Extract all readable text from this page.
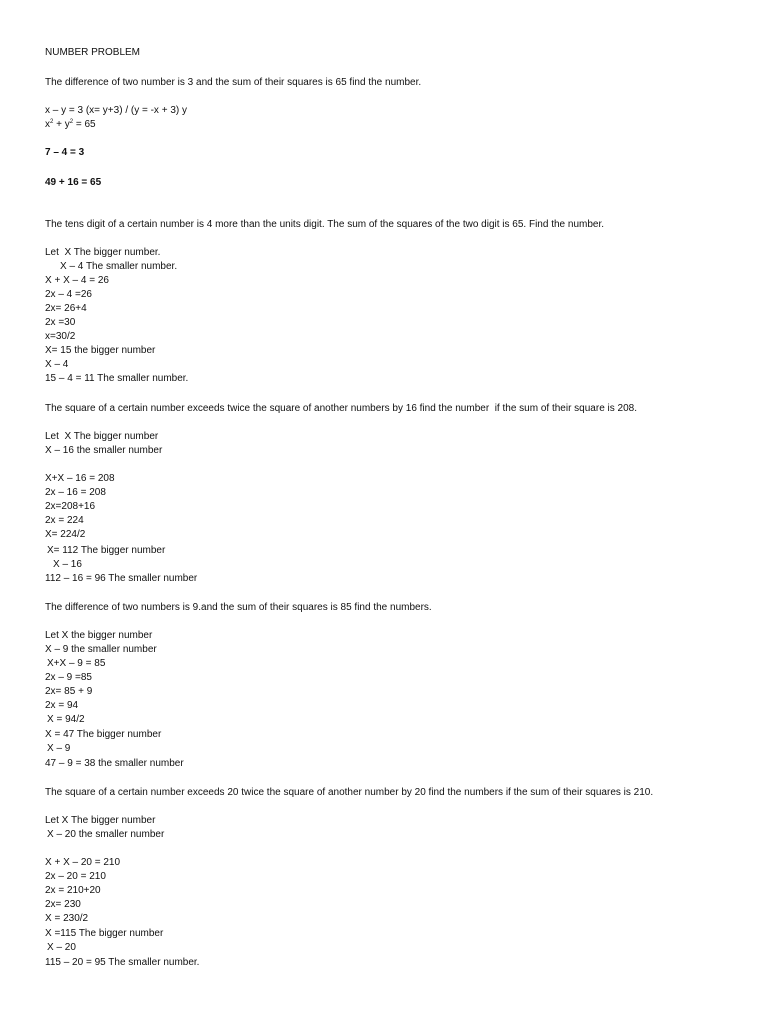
NUMBER PROBLEM
The difference of two number is 3 and the sum of their squares is 65 find the number.
x – y = 3 (x= y+3) / (y = -x + 3) y
$x^2 + y^2 = 65$
7 – 4 = 3
49 + 16 = 65
The tens digit of a certain number is 4 more than the units digit. The sum of the squares of the two digit is 65. Find the number.
Let  X The bigger number.
X – 4 The smaller number.
X + X – 4 = 26
2x – 4 =26
2x= 26+4
2x =30
x=30/2
X= 15 the bigger number
X – 4
15 – 4 = 11 The smaller number.
The square of a certain number exceeds twice the square of another numbers by 16 find the number  if the sum of their square is 208.
Let  X The bigger number
X – 16 the smaller number
X+X – 16 = 208
2x – 16 = 208
2x=208+16
2x = 224
X= 224/2
X= 112 The bigger number
X – 16
112 – 16 = 96 The smaller number
The difference of two numbers is 9.and the sum of their squares is 85 find the numbers.
Let X the bigger number
X – 9 the smaller number
X+X – 9 = 85
2x – 9 =85
2x= 85 + 9
2x = 94
X = 94/2
X = 47 The bigger number
X – 9
47 – 9 = 38 the smaller number
The square of a certain number exceeds 20 twice the square of another number by 20 find the numbers if the sum of their squares is 210.
Let X The bigger number
X – 20 the smaller number
X + X – 20 = 210
2x – 20 = 210
2x = 210+20
2x= 230
X = 230/2
X =115 The bigger number
X – 20
115 – 20 = 95 The smaller number.
